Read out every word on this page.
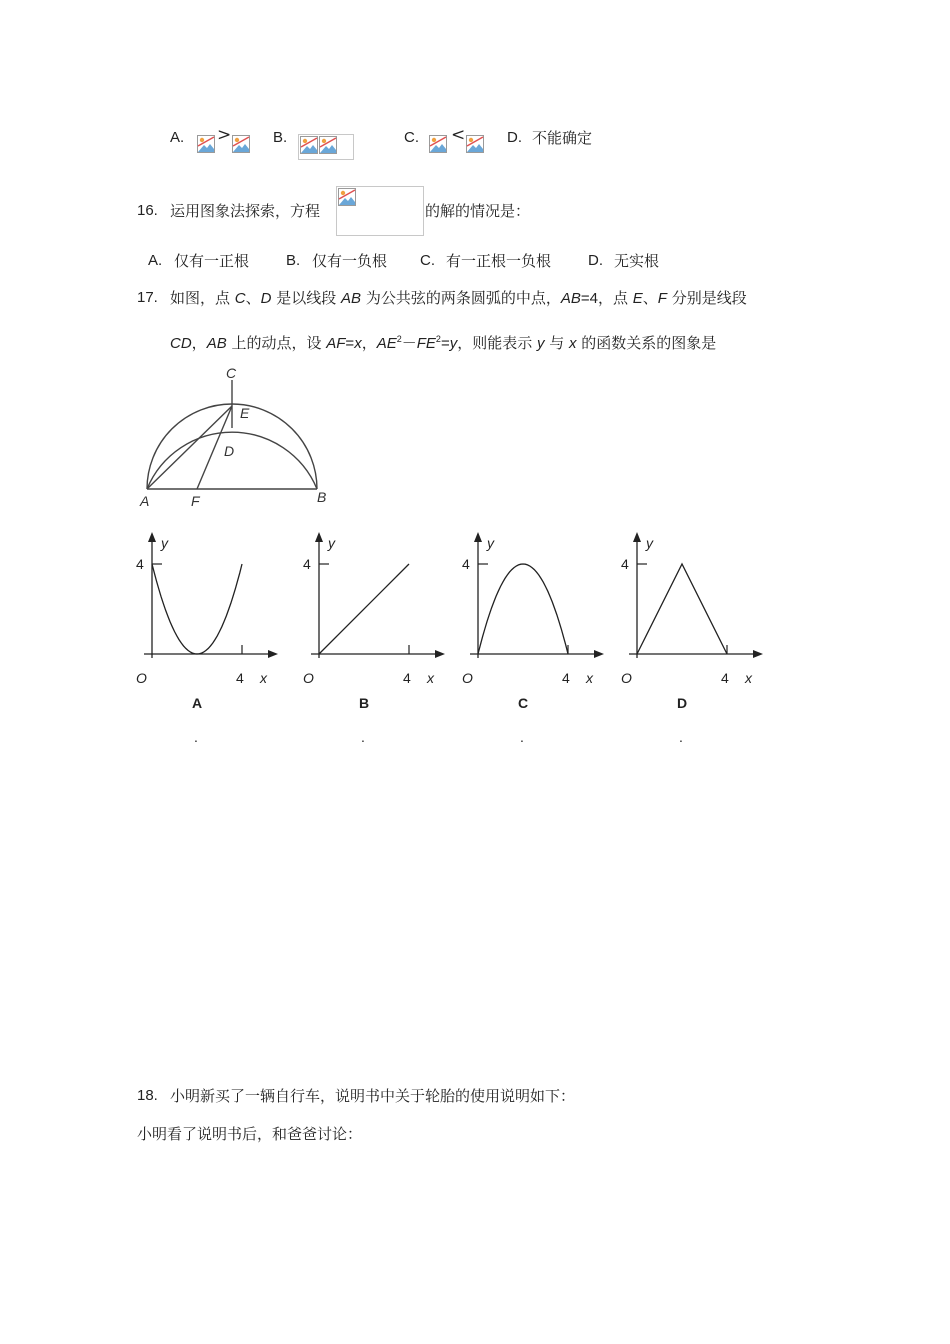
A. >	B.	C. <	D. 不能确定
16. 运用图象法探索，方程	的解的情况是：
A. 仅有一正根 B. 仅有一负根 C. 有一正根一负根 D. 无实根
17. 如图，点 C、D 是以线段 AB 为公共弦的两条圆弧的中点，AB=4，点 E、F 分别是线段
CD，AB 上的动点，设 AF=x，$AE^2-FE^2=y$，则能表示 y 与 x 的函数关系的图象是
C
E
D
A	F	B
y
4
O	4 x
A
.
y
4
O	4 x
B
.
y
4
O	4 x
C
.
y
4
O	4 x
D
.
18. 小明新买了一辆自行车，说明书中关于轮胎的使用说明如下：
小明看了说明书后，和爸爸讨论：
